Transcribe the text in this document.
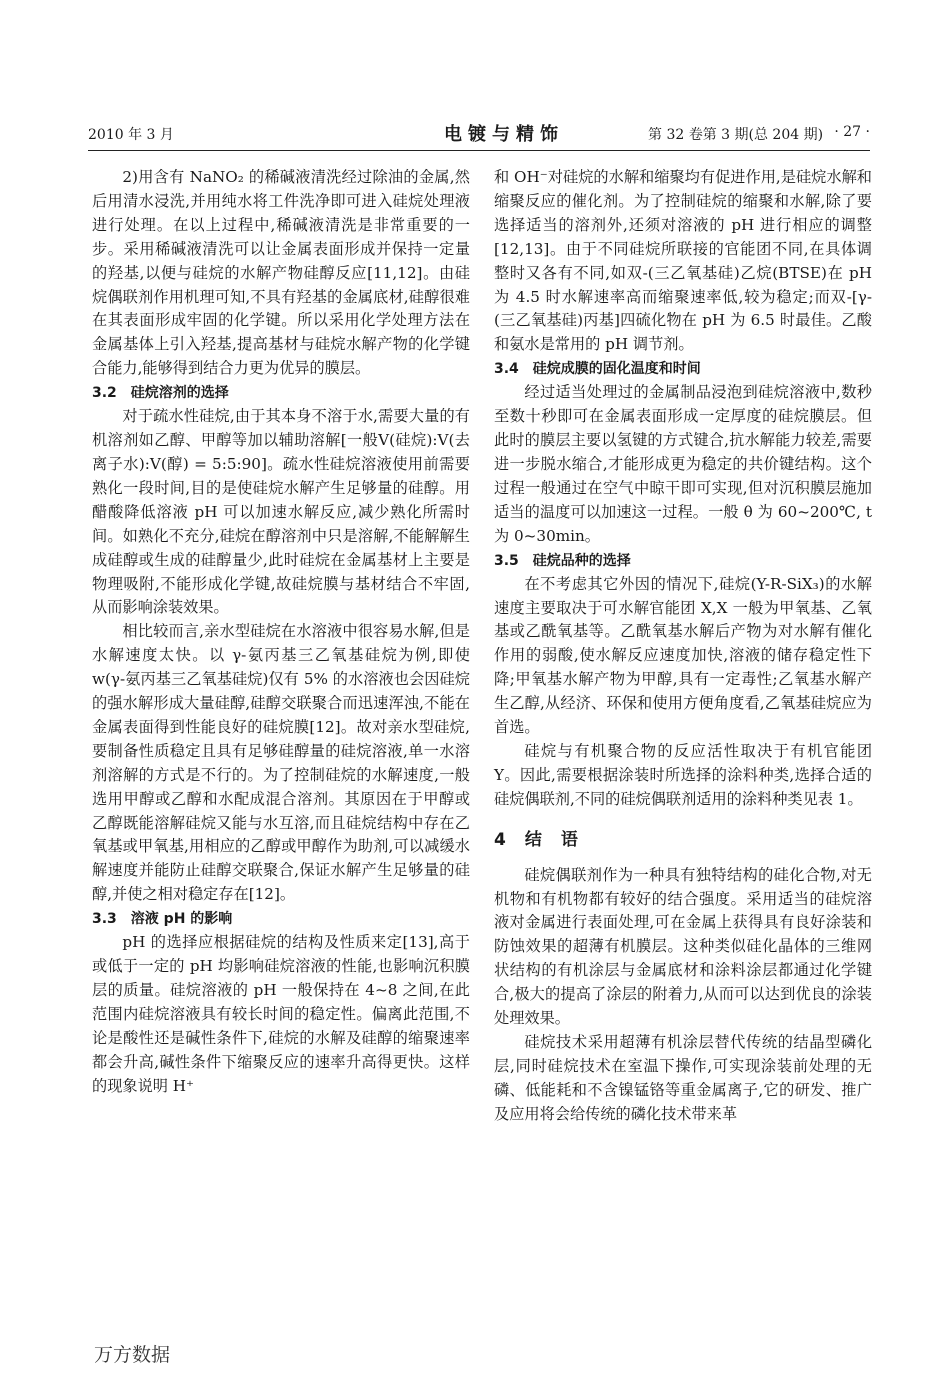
2010 年 3 月	电镀与精饰	第 32 卷第 3 期(总 204 期) · 27 ·

2)用含有 NaNO₂ 的稀碱液清洗经过除油的金属,然后用清水浸洗,并用纯水将工件洗净即可进入硅烷处理液进行处理。在以上过程中,稀碱液清洗是非常重要的一步。采用稀碱液清洗可以让金属表面形成并保持一定量的羟基,以便与硅烷的水解产物硅醇反应[11,12]。由硅烷偶联剂作用机理可知,不具有羟基的金属底材,硅醇很难在其表面形成牢固的化学键。所以采用化学处理方法在金属基体上引入羟基,提高基材与硅烷水解产物的化学键合能力,能够得到结合力更为优异的膜层。

3.2　硅烷溶剂的选择

对于疏水性硅烷,由于其本身不溶于水,需要大量的有机溶剂如乙醇、甲醇等加以辅助溶解[一般V(硅烷):V(去离子水):V(醇) = 5:5:90]。疏水性硅烷溶液使用前需要熟化一段时间,目的是使硅烷水解产生足够量的硅醇。用醋酸降低溶液 pH 可以加速水解反应,减少熟化所需时间。如熟化不充分,硅烷在醇溶剂中只是溶解,不能解解生成硅醇或生成的硅醇量少,此时硅烷在金属基材上主要是物理吸附,不能形成化学键,故硅烷膜与基材结合不牢固,从而影响涂装效果。

相比较而言,亲水型硅烷在水溶液中很容易水解,但是水解速度太快。以 γ-氨丙基三乙氧基硅烷为例,即使 w(γ-氨丙基三乙氧基硅烷)仅有 5% 的水溶液也会因硅烷的强水解形成大量硅醇,硅醇交联聚合而迅速浑浊,不能在金属表面得到性能良好的硅烷膜[12]。故对亲水型硅烷,要制备性质稳定且具有足够硅醇量的硅烷溶液,单一水溶剂溶解的方式是不行的。为了控制硅烷的水解速度,一般选用甲醇或乙醇和水配成混合溶剂。其原因在于甲醇或乙醇既能溶解硅烷又能与水互溶,而且硅烷结构中存在乙氧基或甲氧基,用相应的乙醇或甲醇作为助剂,可以减缓水解速度并能防止硅醇交联聚合,保证水解产生足够量的硅醇,并使之相对稳定存在[12]。

3.3　溶液 pH 的影响

pH 的选择应根据硅烷的结构及性质来定[13],高于或低于一定的 pH 均影响硅烷溶液的性能,也影响沉积膜层的质量。硅烷溶液的 pH 一般保持在 4~8 之间,在此范围内硅烷溶液具有较长时间的稳定性。偏离此范围,不论是酸性还是碱性条件下,硅烷的水解及硅醇的缩聚速率都会升高,碱性条件下缩聚反应的速率升高得更快。这样的现象说明 H⁺

和 OH⁻对硅烷的水解和缩聚均有促进作用,是硅烷水解和缩聚反应的催化剂。为了控制硅烷的缩聚和水解,除了要选择适当的溶剂外,还须对溶液的 pH 进行相应的调整[12,13]。由于不同硅烷所联接的官能团不同,在具体调整时又各有不同,如双-(三乙氧基硅)乙烷(BTSE)在 pH 为 4.5 时水解速率高而缩聚速率低,较为稳定;而双-[γ-(三乙氧基硅)丙基]四硫化物在 pH 为 6.5 时最佳。乙酸和氨水是常用的 pH 调节剂。

3.4　硅烷成膜的固化温度和时间

经过适当处理过的金属制品浸泡到硅烷溶液中,数秒至数十秒即可在金属表面形成一定厚度的硅烷膜层。但此时的膜层主要以氢键的方式键合,抗水解能力较差,需要进一步脱水缩合,才能形成更为稳定的共价键结构。这个过程一般通过在空气中晾干即可实现,但对沉积膜层施加适当的温度可以加速这一过程。一般 θ 为 60~200℃, t 为 0~30min。

3.5　硅烷品种的选择

在不考虑其它外因的情况下,硅烷(Y-R-SiX₃)的水解速度主要取决于可水解官能团 X,X 一般为甲氧基、乙氧基或乙酰氧基等。乙酰氧基水解后产物为对水解有催化作用的弱酸,使水解反应速度加快,溶液的储存稳定性下降;甲氧基水解产物为甲醇,具有一定毒性;乙氧基水解产生乙醇,从经济、环保和使用方便角度看,乙氧基硅烷应为首选。

硅烷与有机聚合物的反应活性取决于有机官能团 Y。因此,需要根据涂装时所选择的涂料种类,选择合适的硅烷偶联剂,不同的硅烷偶联剂适用的涂料种类见表 1。

4　结　语

硅烷偶联剂作为一种具有独特结构的硅化合物,对无机物和有机物都有较好的结合强度。采用适当的硅烷溶液对金属进行表面处理,可在金属上获得具有良好涂装和防蚀效果的超薄有机膜层。这种类似硅化晶体的三维网状结构的有机涂层与金属底材和涂料涂层都通过化学键合,极大的提高了涂层的附着力,从而可以达到优良的涂装处理效果。

硅烷技术采用超薄有机涂层替代传统的结晶型磷化层,同时硅烷技术在室温下操作,可实现涂装前处理的无磷、低能耗和不含镍锰铬等重金属离子,它的研发、推广及应用将会给传统的磷化技术带来革

万方数据
